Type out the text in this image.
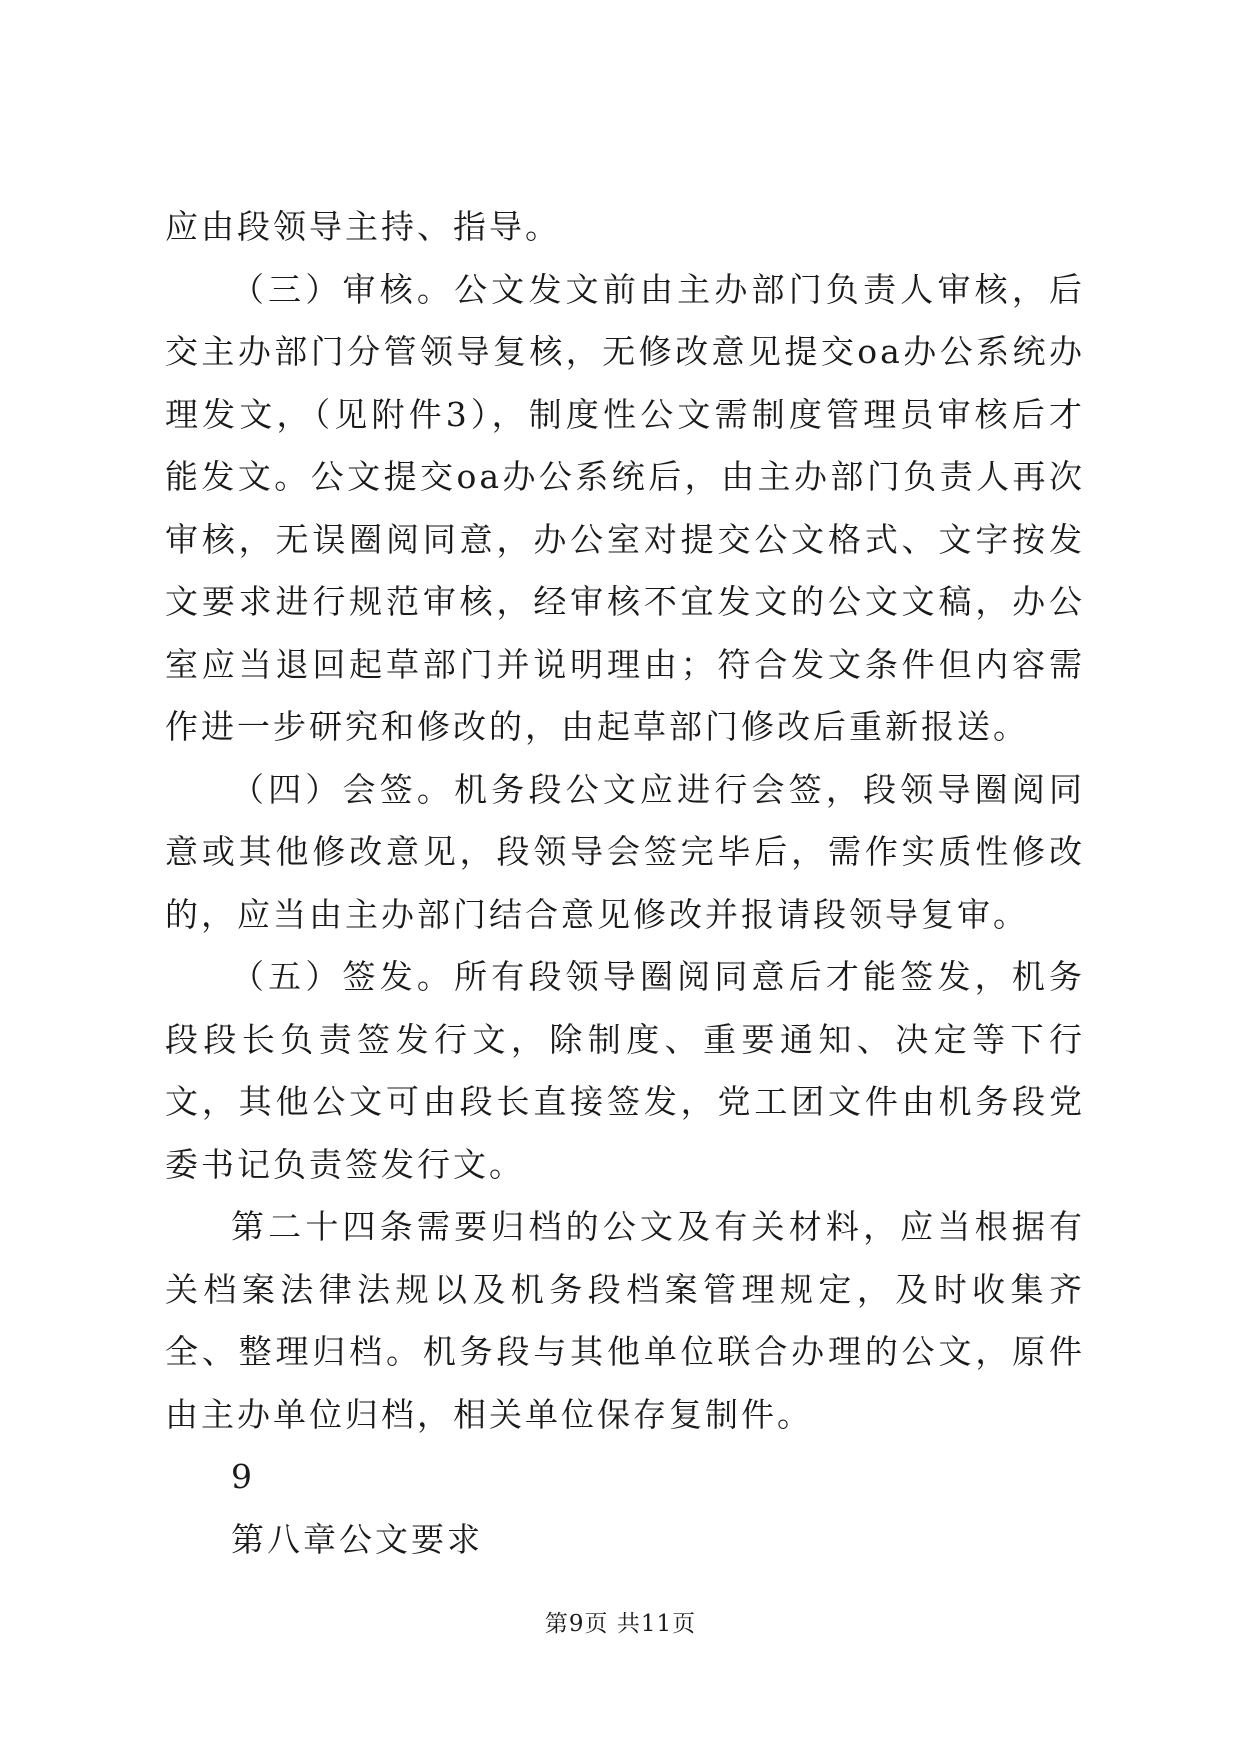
应由段领导主持、指导。

（三）审核。公文发文前由主办部门负责人审核，后交主办部门分管领导复核，无修改意见提交oa办公系统办理发文，（见附件3），制度性公文需制度管理员审核后才能发文。公文提交oa办公系统后，由主办部门负责人再次审核，无误圈阅同意，办公室对提交公文格式、文字按发文要求进行规范审核，经审核不宜发文的公文文稿，办公室应当退回起草部门并说明理由；符合发文条件但内容需作进一步研究和修改的，由起草部门修改后重新报送。

（四）会签。机务段公文应进行会签，段领导圈阅同意或其他修改意见，段领导会签完毕后，需作实质性修改的，应当由主办部门结合意见修改并报请段领导复审。

（五）签发。所有段领导圈阅同意后才能签发，机务段段长负责签发行文，除制度、重要通知、决定等下行文，其他公文可由段长直接签发，党工团文件由机务段党委书记负责签发行文。

第二十四条需要归档的公文及有关材料，应当根据有关档案法律法规以及机务段档案管理规定，及时收集齐全、整理归档。机务段与其他单位联合办理的公文，原件由主办单位归档，相关单位保存复制件。

9

第八章公文要求

第9页 共11页
